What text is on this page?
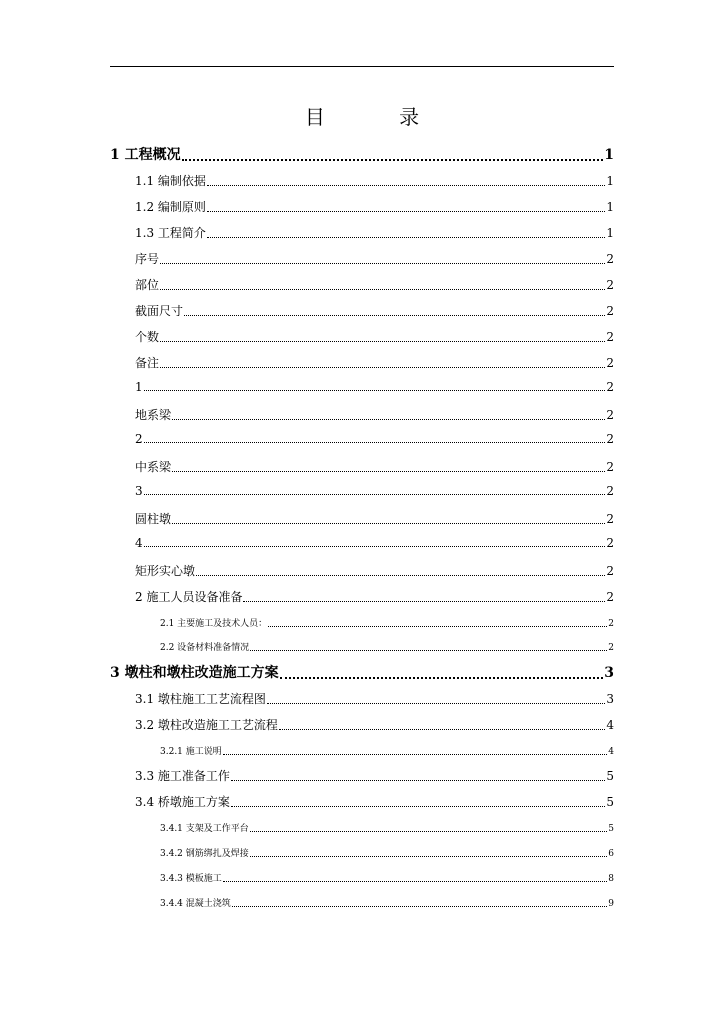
目 录
1 工程概况	1
1.1 编制依据	1
1.2 编制原则	1
1.3 工程简介	1
序号	2
部位	2
截面尺寸	2
个数	2
备注	2
1	2
地系梁	2
2	2
中系梁	2
3	2
圆柱墩	2
4	2
矩形实心墩	2
2 施工人员设备准备	2
2.1 主要施工及技术人员：	2
2.2 设备材料准备情况	2
3 墩柱和墩柱改造施工方案	3
3.1 墩柱施工工艺流程图	3
3.2 墩柱改造施工工艺流程	4
3.2.1 施工说明	4
3.3 施工准备工作	5
3.4 桥墩施工方案	5
3.4.1 支架及工作平台	5
3.4.2 钢筋绑扎及焊接	6
3.4.3 模板施工	8
3.4.4 混凝土浇筑	9
